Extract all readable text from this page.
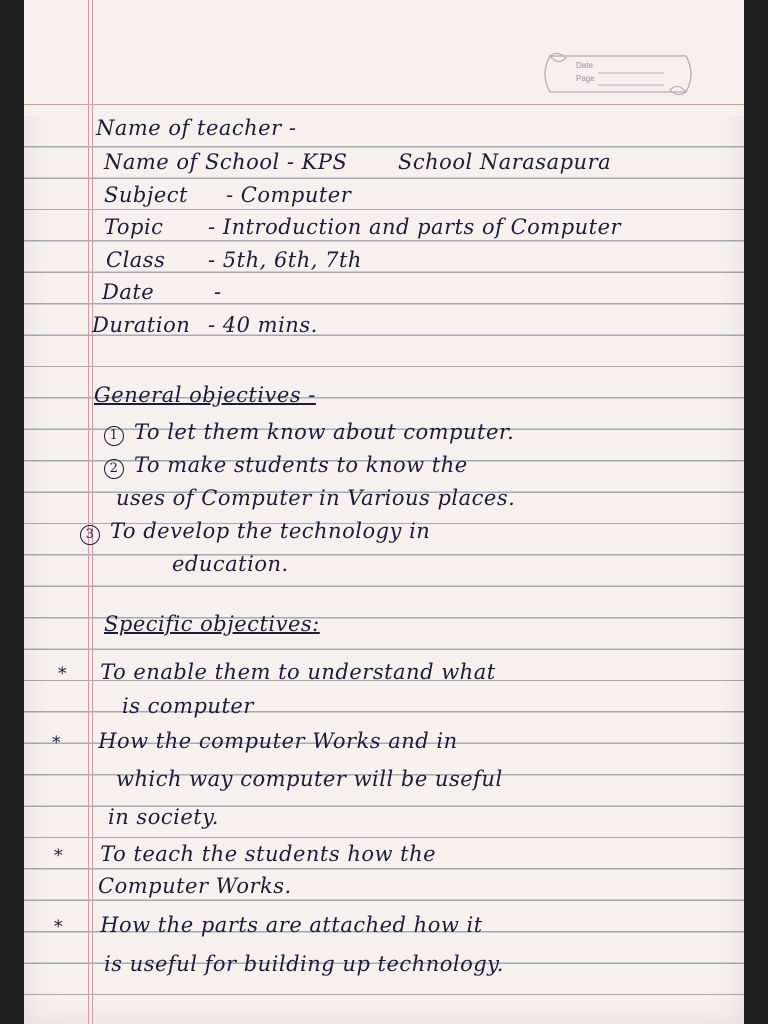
Date
Page
Name of teacher -
Name of School - KPS School Narasapura
Subject - Computer
Topic - Introduction and parts of Computer
Class - 5th, 6th, 7th
Date	-
Duration - 40 mins.
General objectives -
1 To let them know about computer.
2 To make students to know the
uses of Computer in Various places.
3 To develop the technology in
education.
Specific objectives:
* To enable them to understand what
is computer
* How the computer Works and in
which way computer will be useful
in society.
* To teach the students how the
Computer Works.
* How the parts are attached how it
is useful for building up technology.
